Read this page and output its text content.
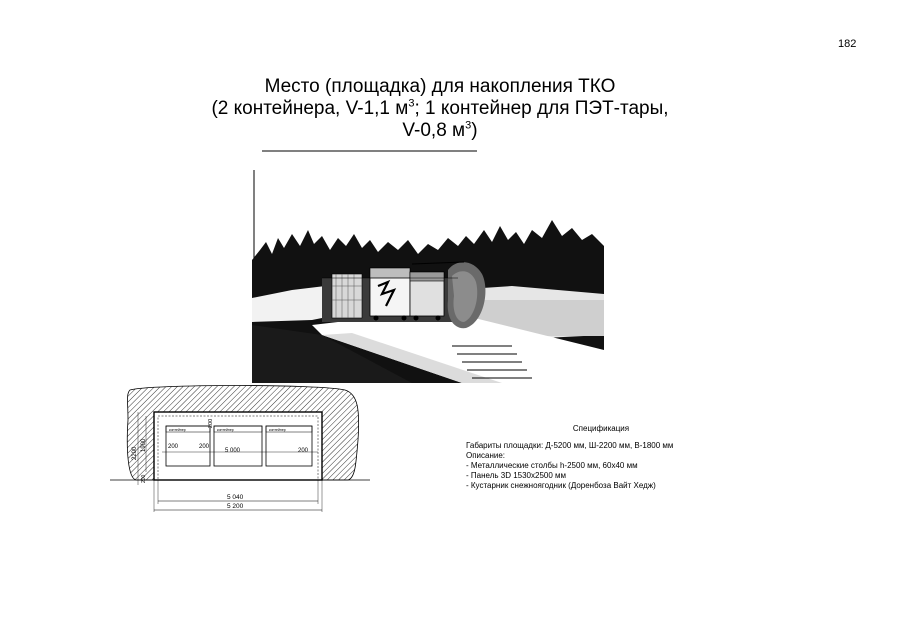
182
Место (площадка) для накопления ТКО
(2 контейнера, V-1,1 $м^3$; 1 контейнер для ПЭТ-тары,
V-0,8 $м^3$)
контейнер	контейнер	контейнер
200	200
5 000	200
200
2200
1900
200
5 040
5 200
Спецификация
Габариты площадки: Д-5200 мм, Ш-2200 мм, В-1800 мм
Описание:
- Металлические столбы h-2500 мм, 60х40 мм
- Панель 3D 1530х2500 мм
- Кустарник снежноягодник (Доренбоза Вайт Хедж)
